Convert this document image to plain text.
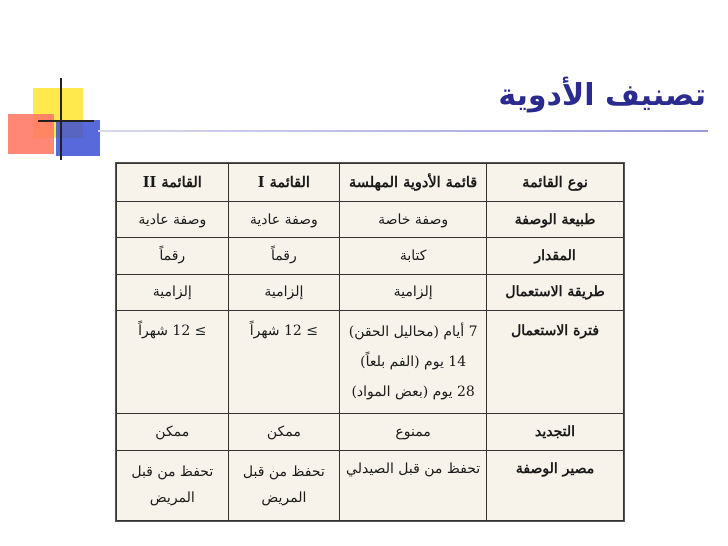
تصنيف الأدوية
نوع القائمة	قائمة الأدوية المهلسة	القائمة I	القائمة II
طبيعة الوصفة	وصفة خاصة	وصفة عادية	وصفة عادية
المقدار	كتابة	رقماً	رقماً
طريقة الاستعمال	إلزامية	إلزامية	إلزامية
فترة الاستعمال	7 أيام (محاليل الحقن)
14 يوم (الفم بلعاً)
28 يوم (بعض المواد)	≥ 12 شهراً	≥ 12 شهراً
التجديد	ممنوع	ممكن	ممكن
مصير الوصفة	تحفظ من قبل الصيدلي	تحفظ من قبل المريض	تحفظ من قبل المريض
